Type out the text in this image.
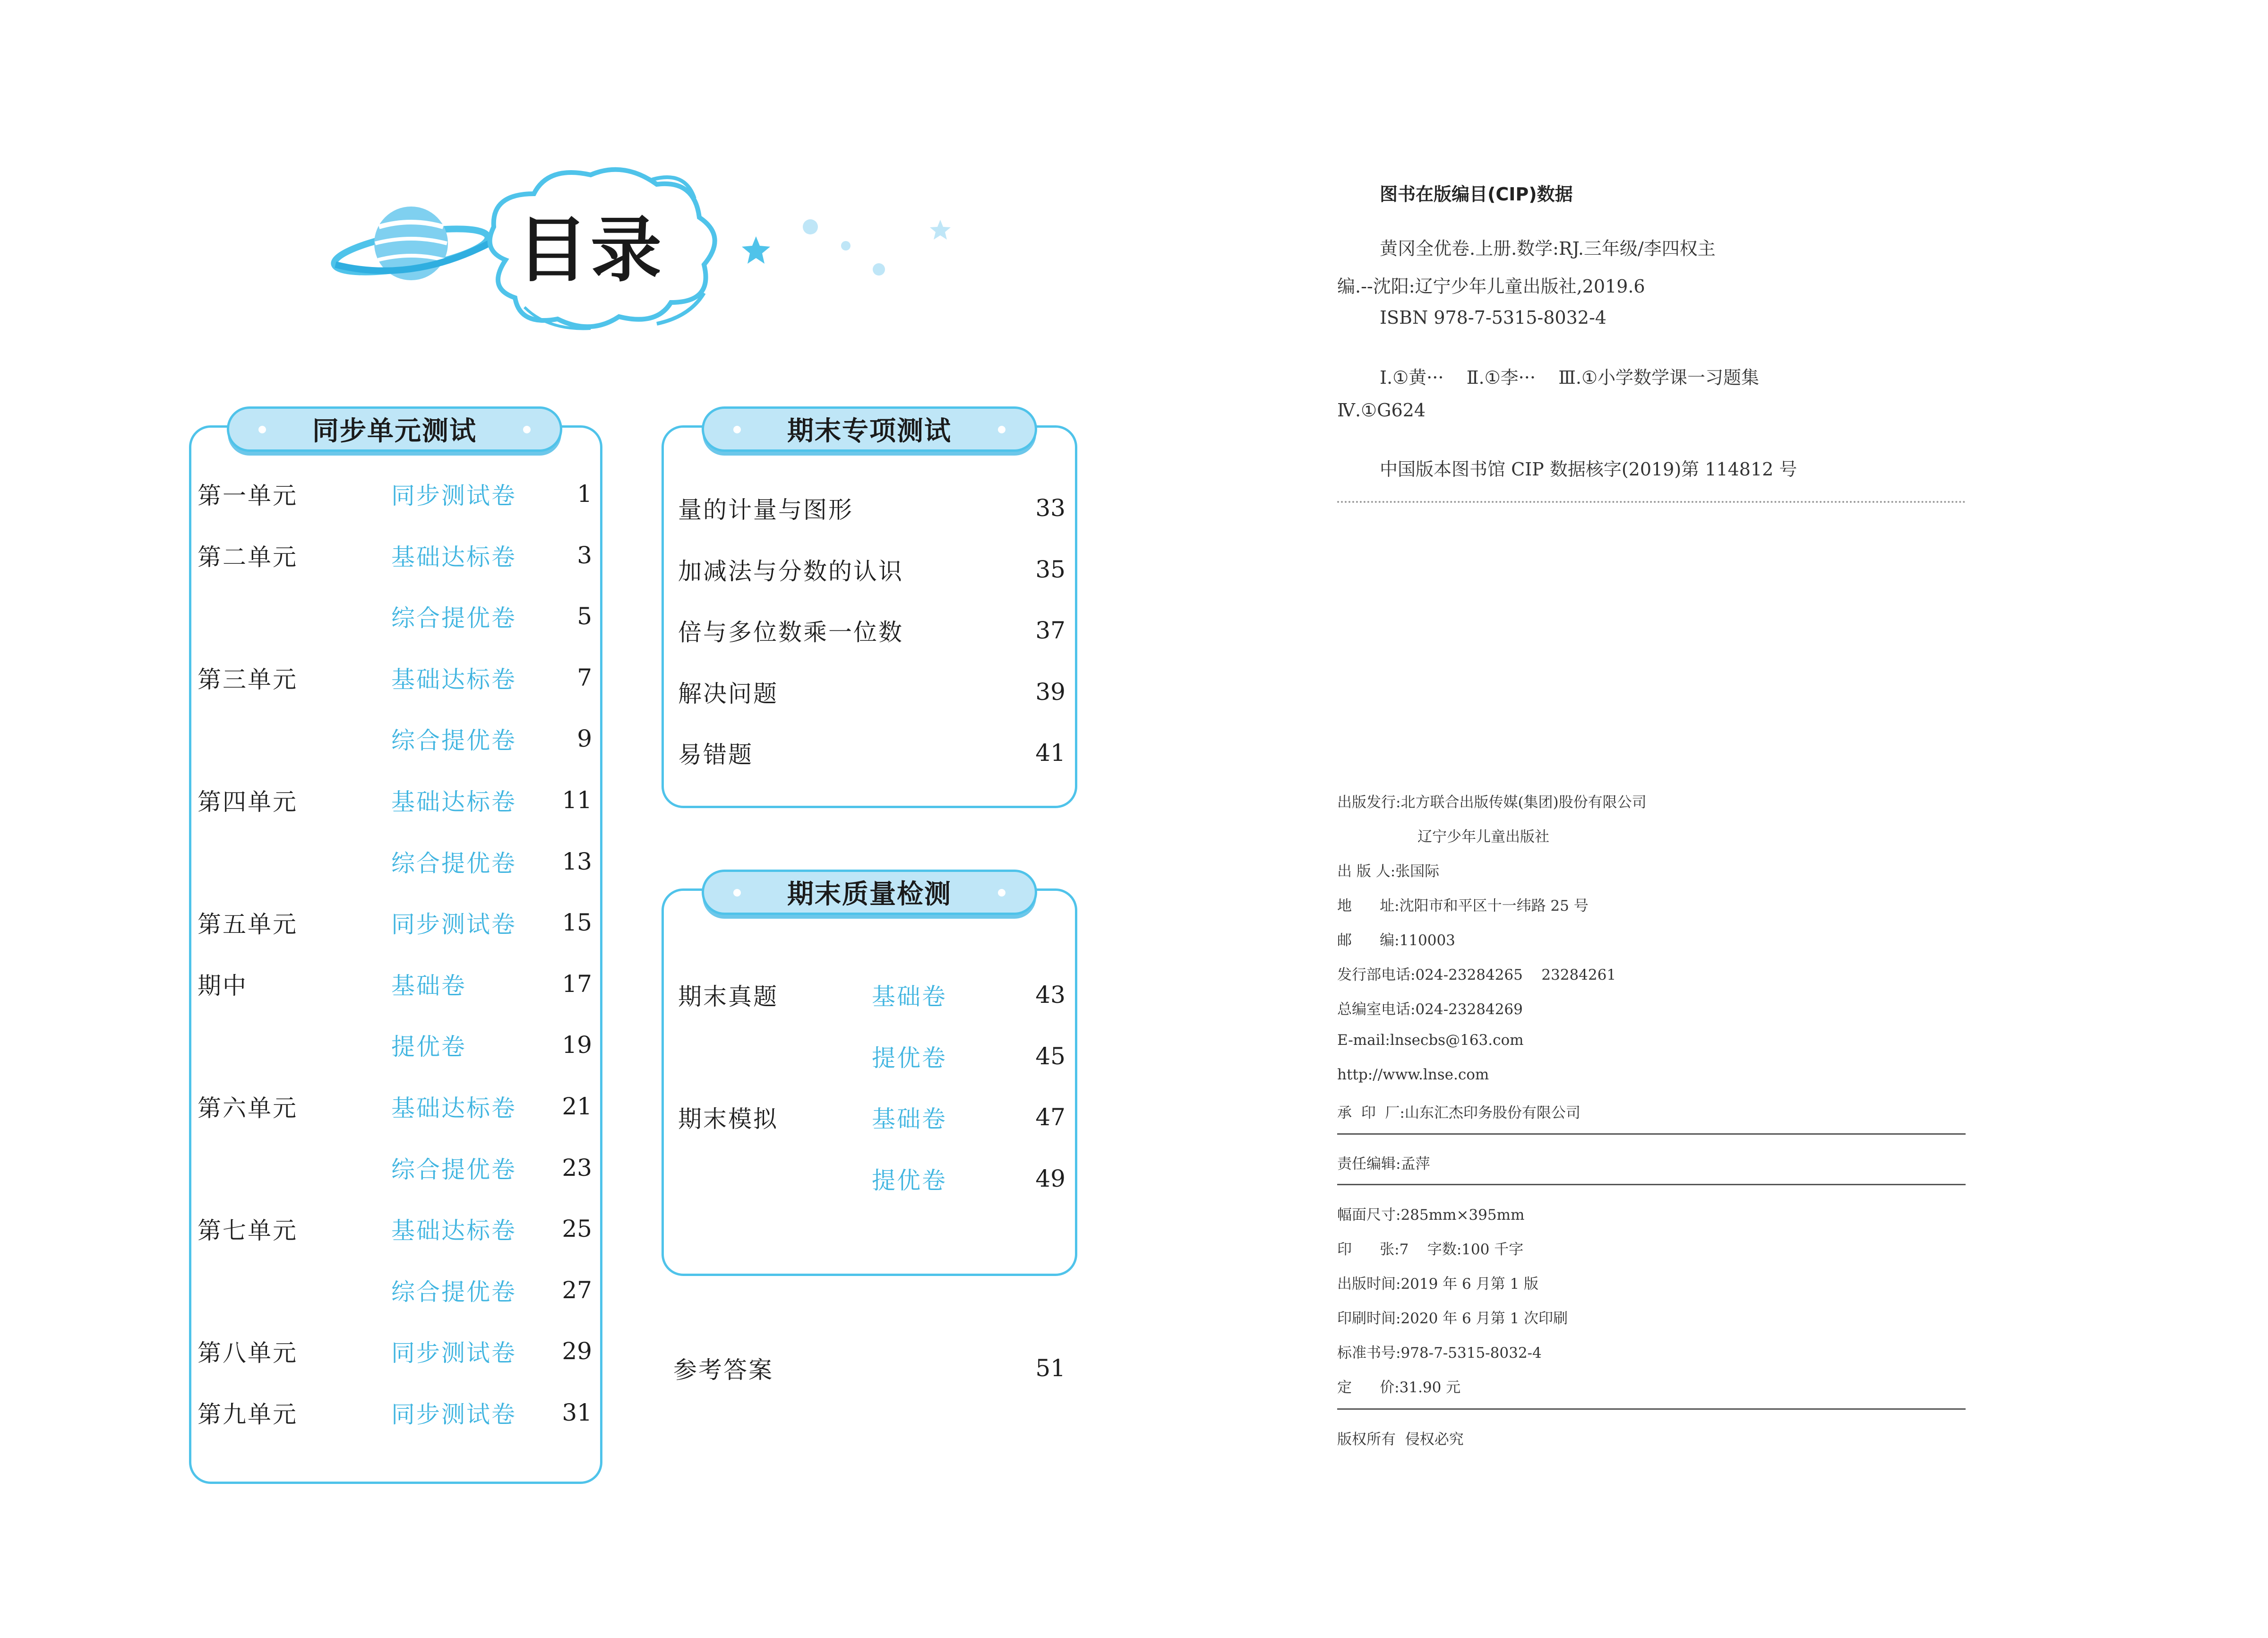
目录
同步单元测试
第一单元	同步测试卷	1
第二单元	基础达标卷	3
综合提优卷	5
第三单元	基础达标卷	7
综合提优卷	9
第四单元	基础达标卷 11
综合提优卷 13
第五单元	同步测试卷 15
期中	基础卷	17
提优卷	19
第六单元	基础达标卷 21
综合提优卷 23
第七单元	基础达标卷 25
综合提优卷 27
第八单元	同步测试卷 29
第九单元	同步测试卷 31
期末专项测试
量的计量与图形	33
加减法与分数的认识	35
倍与多位数乘一位数	37
解决问题	39
易错题	41
期末质量检测
期末真题	基础卷	43
提优卷	45
期末模拟	基础卷	47
提优卷	49
参考答案	51
图书在版编目(CIP)数据
黄冈全优卷.上册.数学:RJ.三年级/李四权主
编.--沈阳:辽宁少年儿童出版社,2019.6
ISBN 978-7-5315-8032-4
Ⅰ.①黄···    Ⅱ.①李···    Ⅲ.①小学数学课一习题集
Ⅳ.①G624
中国版本图书馆 CIP 数据核字(2019)第 114812 号
出版发行:北方联合出版传媒(集团)股份有限公司
辽宁少年儿童出版社
出 版 人:张国际
地      址:沈阳市和平区十一纬路 25 号
邮      编:110003
发行部电话:024-23284265    23284261
总编室电话:024-23284269
E-mail:lnsecbs@163.com
http://www.lnse.com
承  印  厂:山东汇杰印务股份有限公司
责任编辑:孟萍
幅面尺寸:285mm×395mm
印      张:7    字数:100 千字
出版时间:2019 年 6 月第 1 版
印刷时间:2020 年 6 月第 1 次印刷
标准书号:978-7-5315-8032-4
定      价:31.90 元
版权所有  侵权必究
